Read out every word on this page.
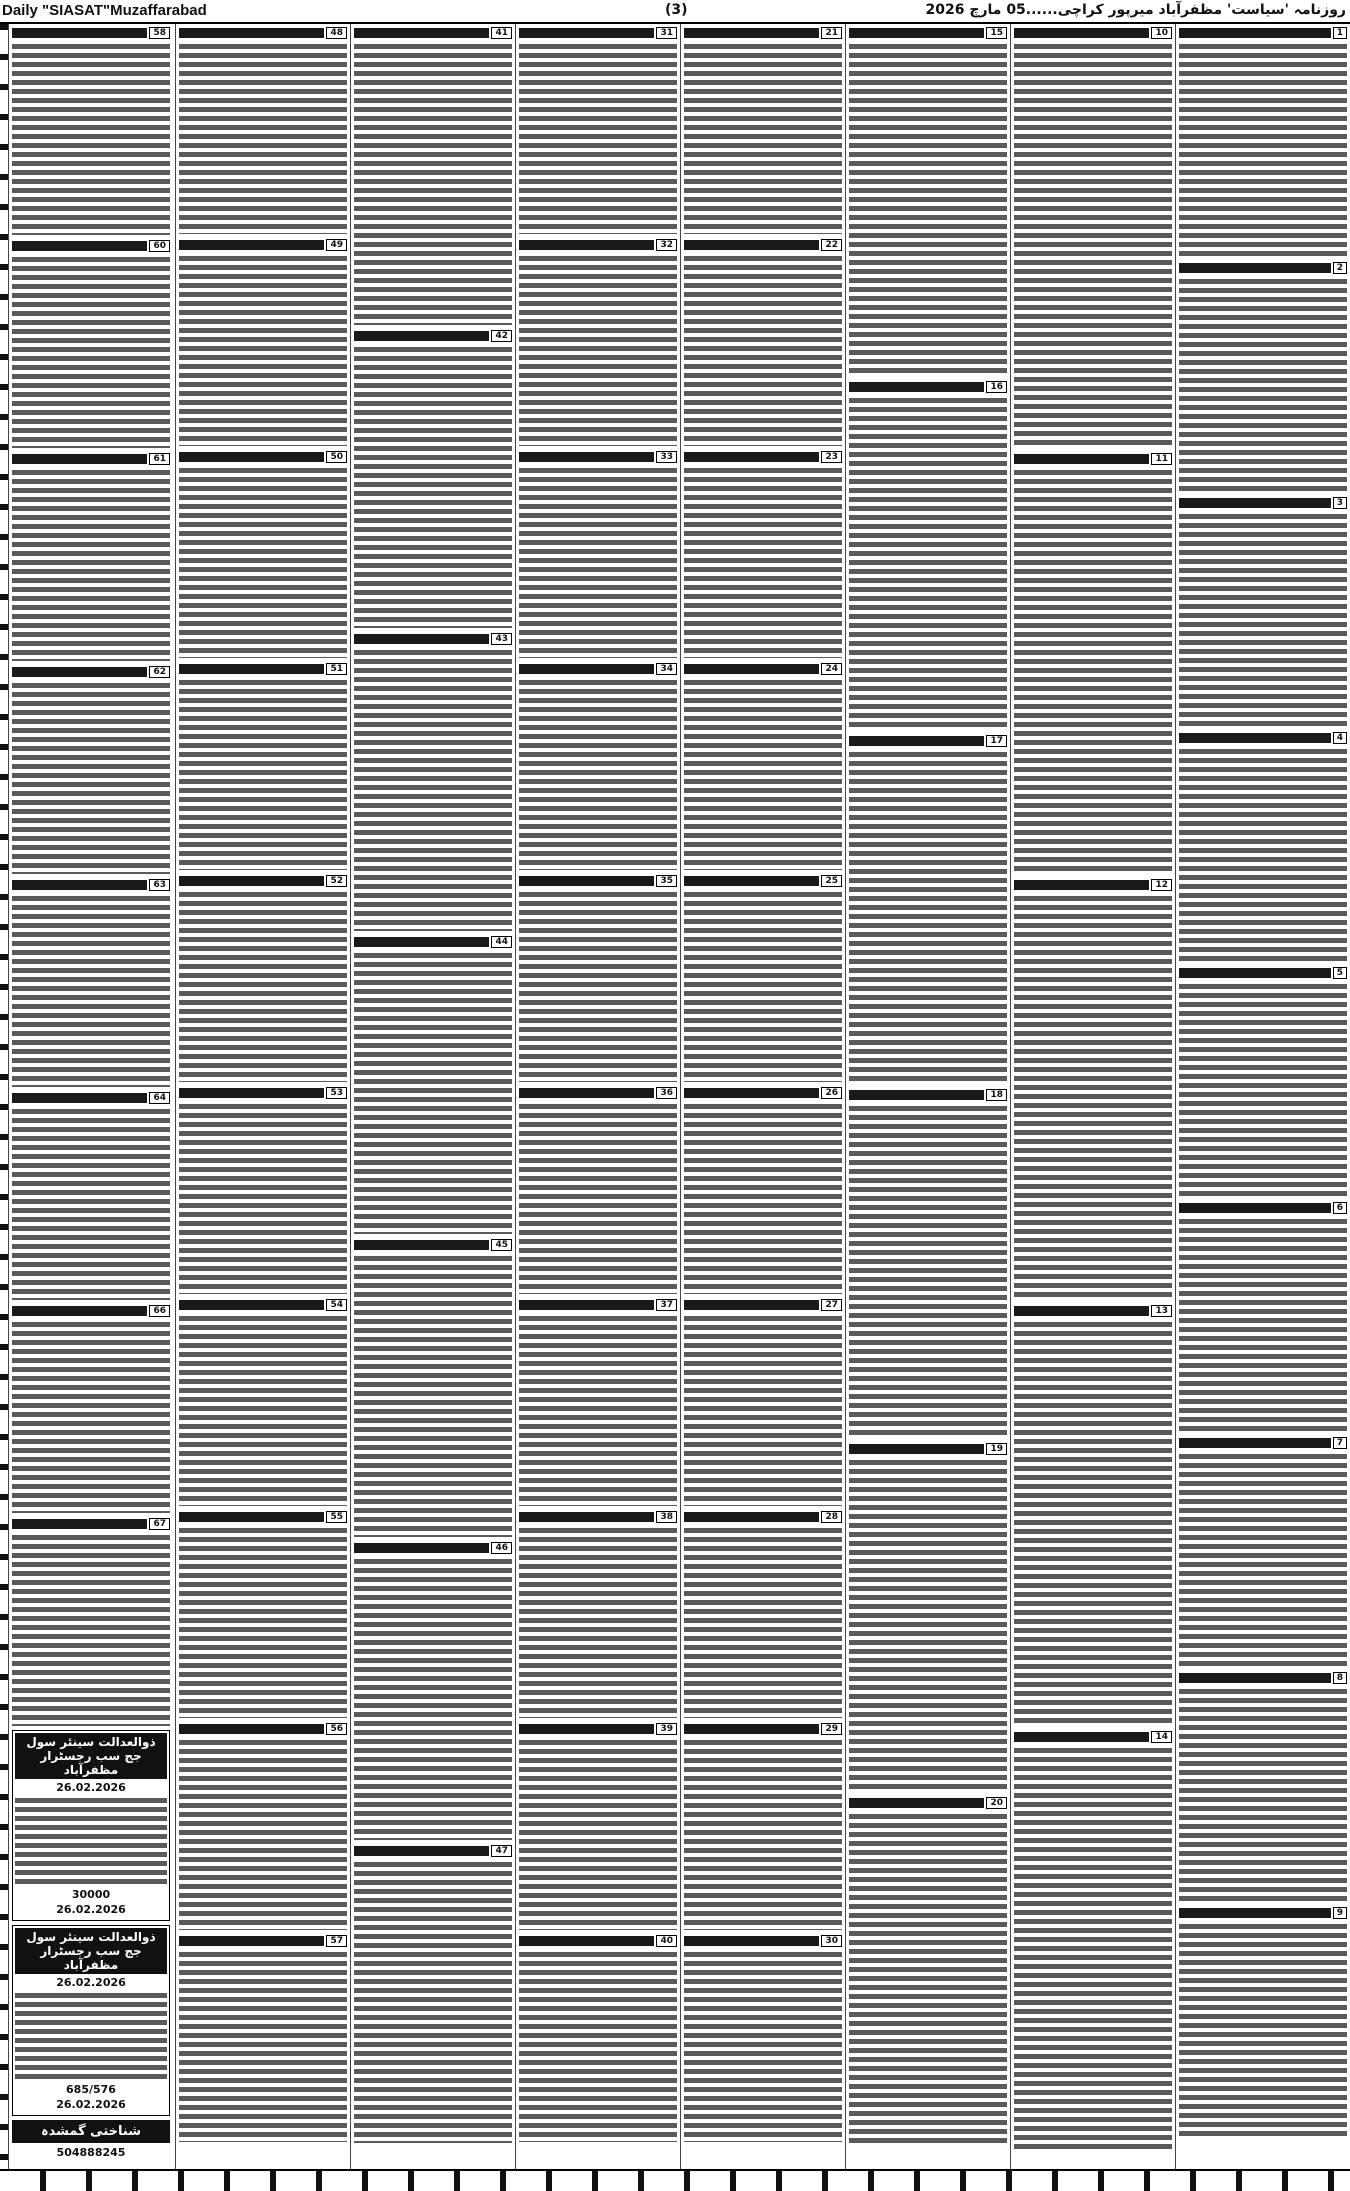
Daily "SIASAT"Muzaffarabad	(3)	روزنامہ 'سیاست' مظفرآباد میرپور کراچی......05 مارچ 2026
58
60
61
62
63
64
66
67
ذوالعدالت سینئر سول جج سب رجسٹرار مظفرآباد
26.02.2026
30000
26.02.2026
ذوالعدالت سینئر سول جج سب رجسٹرار مظفرآباد
26.02.2026
685/576
26.02.2026
شناختی گمشدہ
504888245
48
49
50
51
52
53
54
55
56
57
41
42
43
44
45
46
47
31
32
33
34
35
36
37
38
39
40
21
22
23
24
25
26
27
28
29
30
15
16
17
18
19
20
10
11
12
13
14
1
2
3
4
5
6
7
8
9
